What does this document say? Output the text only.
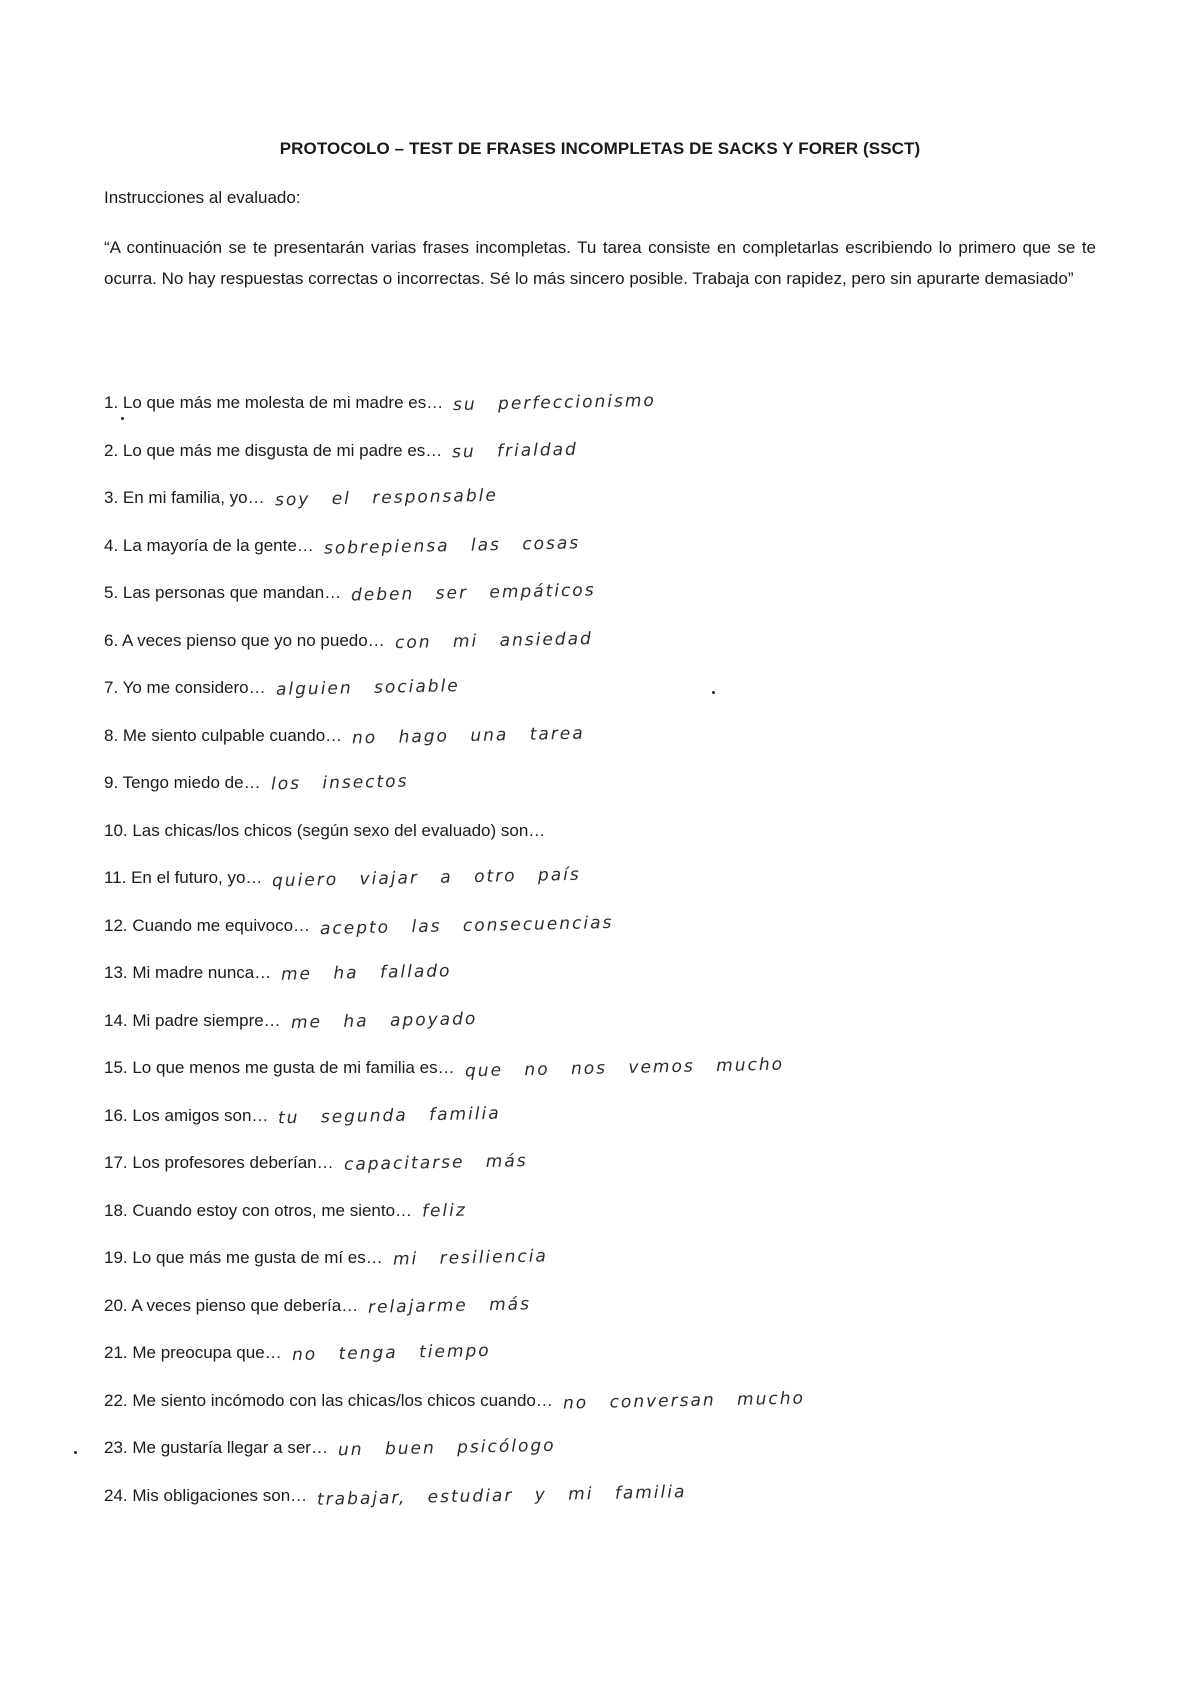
PROTOCOLO – TEST DE FRASES INCOMPLETAS DE SACKS Y FORER (SSCT)
Instrucciones al evaluado:
“A continuación se te presentarán varias frases incompletas. Tu tarea consiste en completarlas escribiendo lo primero que se te ocurra. No hay respuestas correctas o incorrectas. Sé lo más sincero posible. Trabaja con rapidez, pero sin apurarte demasiado”
1. Lo que más me molesta de mi madre es… su perfeccionismo
2. Lo que más me disgusta de mi padre es… su frialdad
3. En mi familia, yo… soy el responsable
4. La mayoría de la gente… sobrepiensa las cosas
5. Las personas que mandan… deben ser empáticos
6. A veces pienso que yo no puedo… con mi ansiedad
7. Yo me considero… alguien sociable
8. Me siento culpable cuando… no hago una tarea
9. Tengo miedo de… los insectos
10. Las chicas/los chicos (según sexo del evaluado) son…
11. En el futuro, yo… quiero viajar a otro país
12. Cuando me equivoco… acepto las consecuencias
13. Mi madre nunca… me ha fallado
14. Mi padre siempre… me ha apoyado
15. Lo que menos me gusta de mi familia es… que no nos vemos mucho
16. Los amigos son… tu segunda familia
17. Los profesores deberían… capacitarse más
18. Cuando estoy con otros, me siento… feliz
19. Lo que más me gusta de mí es… mi resiliencia
20. A veces pienso que debería… relajarme más
21. Me preocupa que… no tenga tiempo
22. Me siento incómodo con las chicas/los chicos cuando… no conversan mucho
23. Me gustaría llegar a ser… un buen psicólogo
24. Mis obligaciones son… trabajar, estudiar y mi familia
